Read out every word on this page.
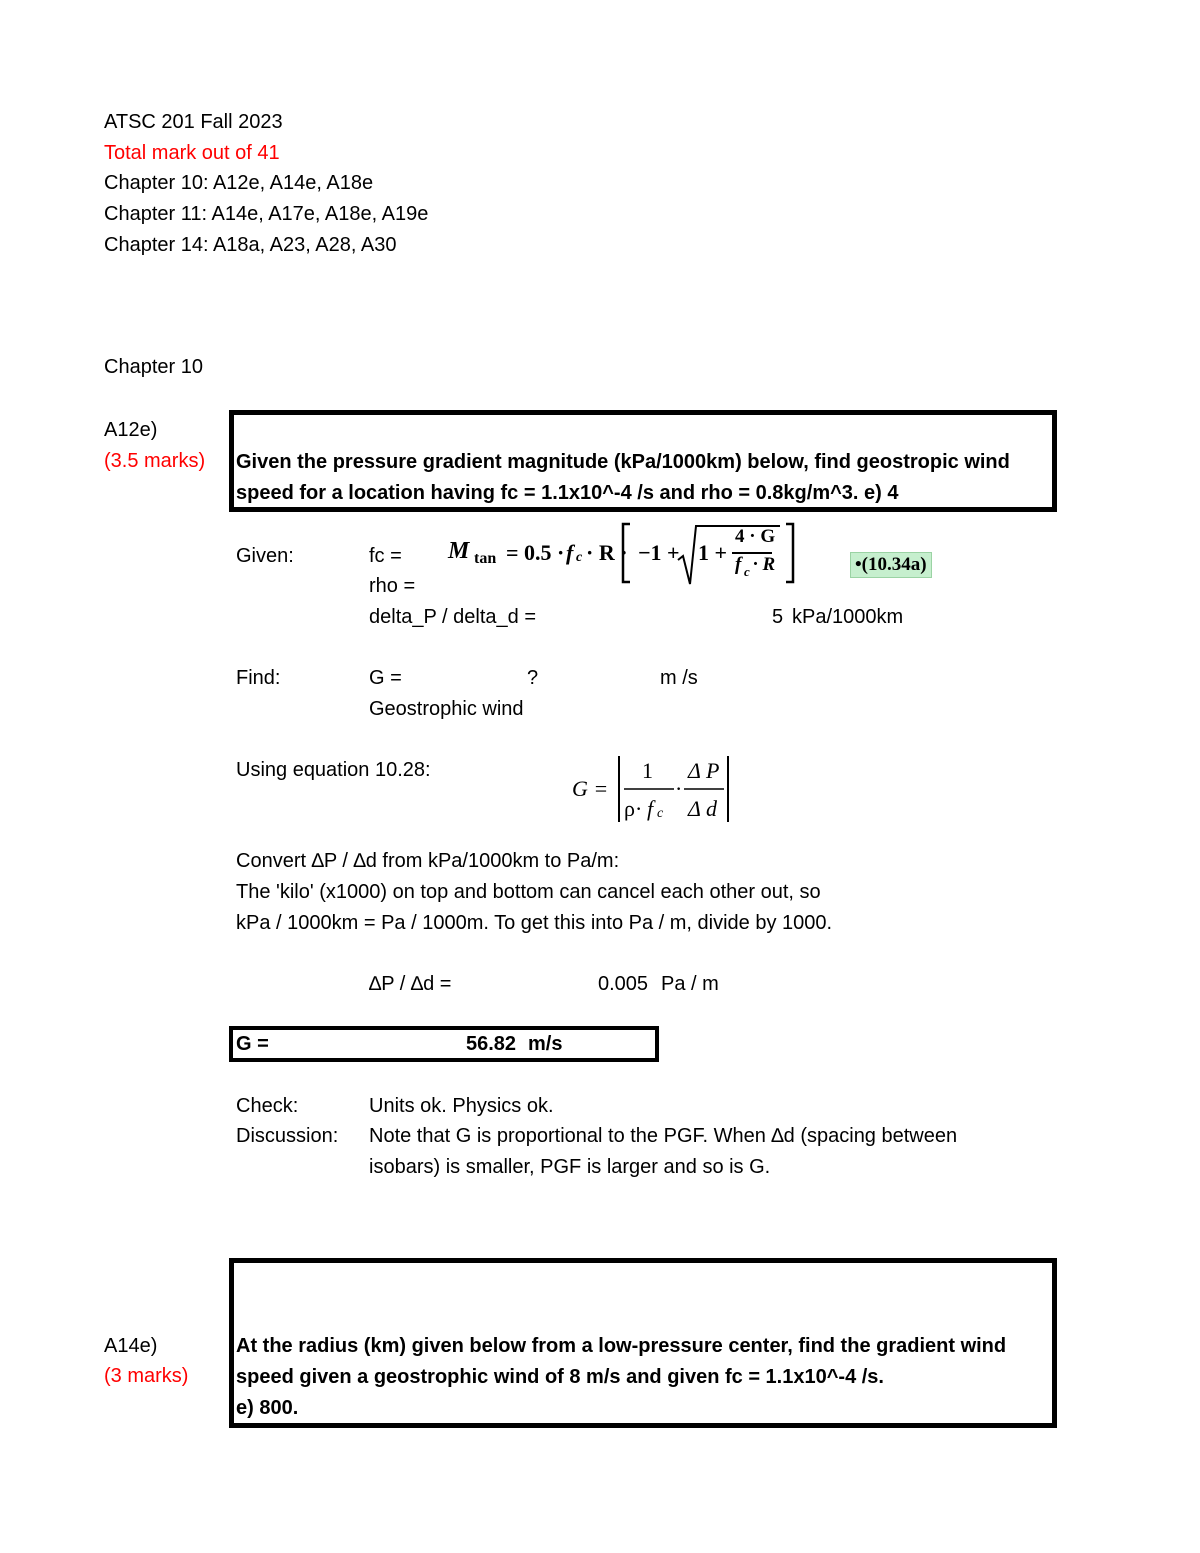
ATSC 201 Fall 2023
Total mark out of 41
Chapter 10: A12e, A14e, A18e
Chapter 11: A14e, A17e, A18e, A19e
Chapter 14: A18a, A23, A28, A30
Chapter 10
A12e)
(3.5 marks) Given the pressure gradient magnitude (kPa/1000km) below, find geostropic wind
speed for a location having fc = 1.1x10^-4 /s and rho = 0.8kg/m^3. e) 4
Given:	fc =
rho =
delta_P / delta_d =	5 kPa/1000km
M tan = 0.5 · f c · R · −1 + 1 +
4 · G
f c · R	•(10.34a)
Find:	G =	?	m /s
Geostrophic wind
Using equation 10.28:
G =
1
ρ· f c
·
Δ P
Δ d
Convert ∆P / ∆d from kPa/1000km to Pa/m:
The 'kilo' (x1000) on top and bottom can cancel each other out, so
kPa / 1000km = Pa / 1000m. To get this into Pa / m, divide by 1000.
∆P / ∆d =	0.005 Pa / m
G =	56.82 m/s
Check:	Units ok. Physics ok.
Discussion: Note that G is proportional to the PGF. When ∆d (spacing between
isobars) is smaller, PGF is larger and so is G.
A14e)
(3 marks)
At the radius (km) given below from a low-pressure center, find the gradient wind
speed given a geostrophic wind of 8 m/s and given fc = 1.1x10^-4 /s.
e) 800.
